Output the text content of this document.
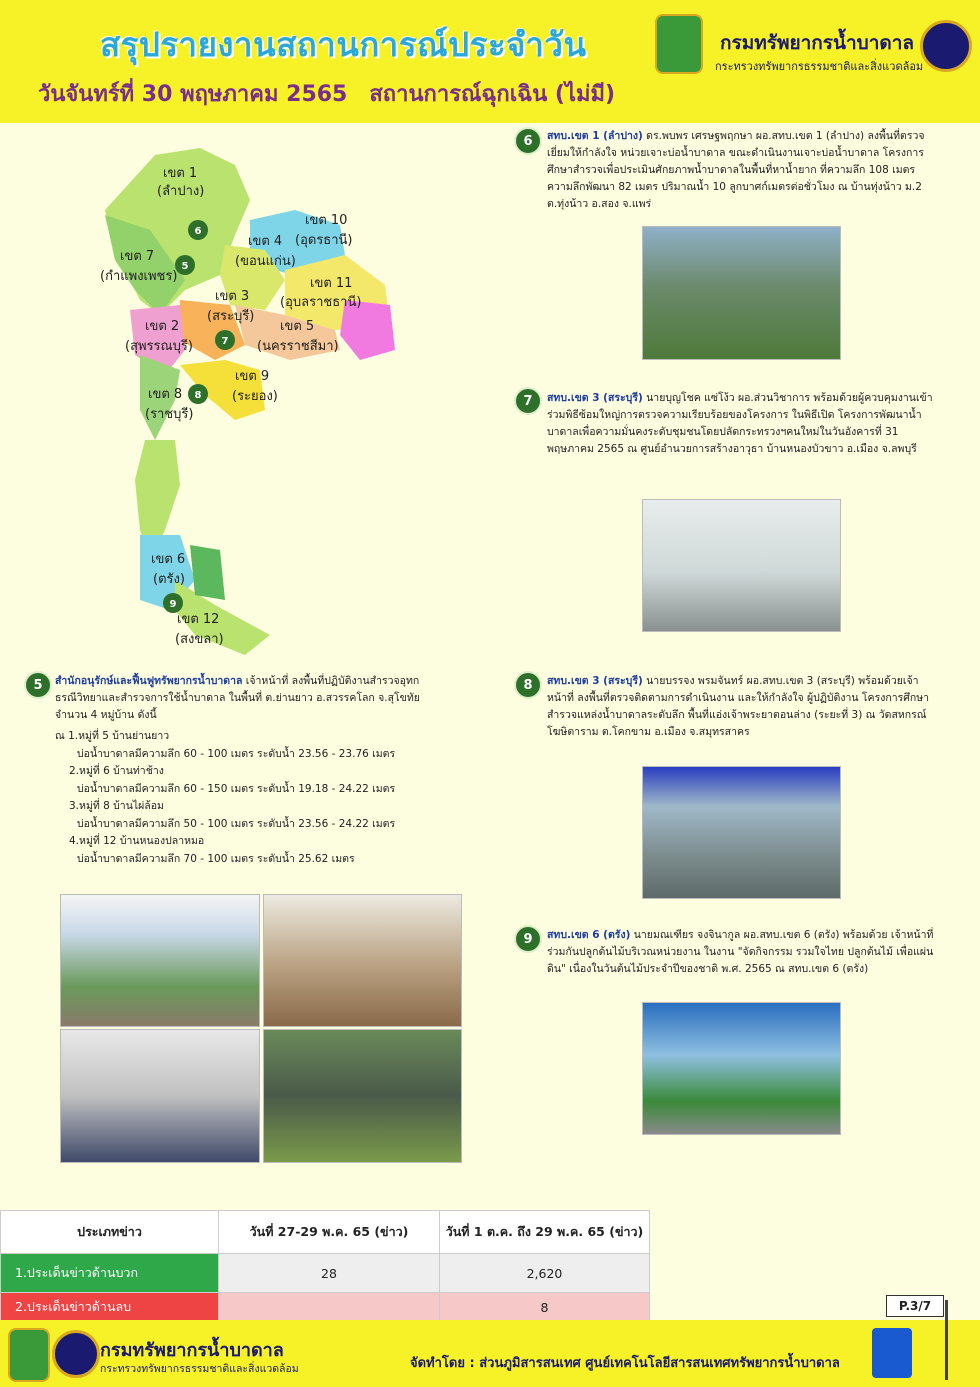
สรุปรายงานสถานการณ์ประจำวัน
วันจันทร์ที่ 30 พฤษภาคม 2565 สถานการณ์ฉุกเฉิน (ไม่มี)
กรมทรัพยากรน้ำบาดาล
กระทรวงทรัพยากรธรรมชาติและสิ่งแวดล้อม
เขต 1
(ลำปาง)
เขต 10
(อุดรธานี)
เขต 4
(ขอนแก่น)
เขต 7
(กำแพงเพชร)	เขต 11
(อุบลราชธานี)
เขต 3
(สระบุรี)
เขต 2
(สุพรรณบุรี)
เขต 5
(นครราชสีมา)
เขต 9
(ระยอง)
เขต 8
(ราชบุรี)
เขต 6
(ตรัง)
เขต 12
(สงขลา)
6
5
7
8
9
6	สทบ.เขต 1 (ลำปาง) ดร.พบพร เศรษฐพฤกษา ผอ.สทบ.เขต 1 (ลำปาง) ลงพื้นที่ตรวจเยี่ยมให้กำลังใจ หน่วยเจาะบ่อน้ำบาดาล ขณะดำเนินงานเจาะบ่อน้ำบาดาล โครงการศึกษาสำรวจเพื่อประเมินศักยภาพน้ำบาดาลในพื้นที่หาน้ำยาก ที่ความลึก 108 เมตร ความลึกพัฒนา 82 เมตร ปริมาณน้ำ 10 ลูกบาศก์เมตรต่อชั่วโมง ณ บ้านทุ่งน้าว ม.2 ต.ทุ่งน้าว อ.สอง จ.แพร่
7	สทบ.เขต 3 (สระบุรี) นายบุญโชค แซ่โง้ว ผอ.ส่วนวิชาการ พร้อมด้วยผู้ควบคุมงานเข้าร่วมพิธีซ้อมใหญ่การตรวจความเรียบร้อยของโครงการ ในพิธีเปิด โครงการพัฒนาน้ำบาดาลเพื่อความมั่นคงระดับชุมชนโดยปลัดกระทรวงฯคนใหม่ในวันอังคารที่ 31 พฤษภาคม 2565 ณ ศูนย์อำนวยการสร้างอาวุธา บ้านหนองบัวขาว อ.เมือง จ.ลพบุรี
8	สทบ.เขต 3 (สระบุรี) นายบรรจง พรมจันทร์ ผอ.สทบ.เขต 3 (สระบุรี) พร้อมด้วยเจ้าหน้าที่ ลงพื้นที่ตรวจติดตามการดำเนินงาน และให้กำลังใจ ผู้ปฏิบัติงาน โครงการศึกษาสำรวจแหล่งน้ำบาดาลระดับลึก พื้นที่แอ่งเจ้าพระยาตอนล่าง (ระยะที่ 3) ณ วัดสหกรณ์โฆษิตาราม ต.โคกขาม อ.เมือง จ.สมุทรสาคร
9	สทบ.เขต 6 (ตรัง) นายมณเฑียร จงจินากูล ผอ.สทบ.เขต 6 (ตรัง) พร้อมด้วย เจ้าหน้าที่ ร่วมกันปลูกต้นไม้บริเวณหน่วยงาน ในงาน "จัดกิจกรรม รวมใจไทย ปลูกต้นไม้ เพื่อแผ่นดิน" เนื่องในวันต้นไม้ประจำปีของชาติ พ.ศ. 2565 ณ สทบ.เขต 6 (ตรัง)
5	สำนักอนุรักษ์และฟื้นฟูทรัพยากรน้ำบาดาล เจ้าหน้าที่ ลงพื้นที่ปฏิบัติงานสำรวจอุทกธรณีวิทยาและสำรวจการใช้น้ำบาดาล ในพื้นที่ ต.ย่านยาว อ.สวรรคโลก จ.สุโขทัย จำนวน 4 หมู่บ้าน ดังนี้
ณ 1.หมู่ที่ 5 บ้านย่านยาว
บ่อน้ำบาดาลมีความลึก 60 - 100 เมตร ระดับน้ำ 23.56 - 23.76 เมตร
2.หมู่ที่ 6 บ้านท่าช้าง
บ่อน้ำบาดาลมีความลึก 60 - 150 เมตร ระดับน้ำ 19.18 - 24.22 เมตร
3.หมู่ที่ 8 บ้านไผ่ล้อม
บ่อน้ำบาดาลมีความลึก 50 - 100 เมตร ระดับน้ำ 23.56 - 24.22 เมตร
4.หมู่ที่ 12 บ้านหนองปลาหมอ
บ่อน้ำบาดาลมีความลึก 70 - 100 เมตร ระดับน้ำ 25.62 เมตร
ประเภทข่าว	วันที่ 27-29 พ.ค. 65 (ข่าว)	วันที่ 1 ต.ค. ถึง 29 พ.ค. 65 (ข่าว)
1.ประเด็นข่าวด้านบวก	28	2,620
2.ประเด็นข่าวด้านลบ		8	P.3/7
กรมทรัพยากรน้ำบาดาล
กระทรวงทรัพยากรธรรมชาติและสิ่งแวดล้อม	จัดทำโดย : ส่วนภูมิสารสนเทศ ศูนย์เทคโนโลยีสารสนเทศทรัพยากรน้ำบาดาล
